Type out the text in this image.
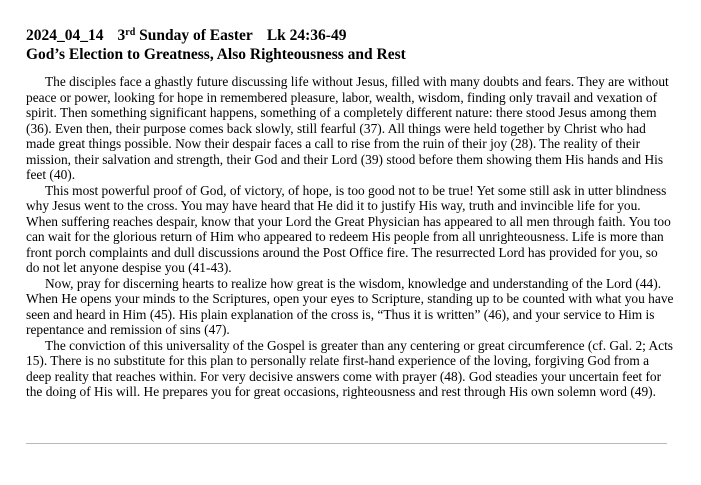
2024_04_14 3rd Sunday of Easter Lk 24:36-49
God’s Election to Greatness, Also Righteousness and Rest

The disciples face a ghastly future discussing life without Jesus, filled with many doubts and fears. They are without peace or power, looking for hope in remembered pleasure, labor, wealth, wisdom, finding only travail and vexation of spirit. Then something significant happens, something of a completely different nature: there stood Jesus among them (36). Even then, their purpose comes back slowly, still fearful (37). All things were held together by Christ who had made great things possible. Now their despair faces a call to rise from the ruin of their joy (28). The reality of their mission, their salvation and strength, their God and their Lord (39) stood before them showing them His hands and His feet (40).

This most powerful proof of God, of victory, of hope, is too good not to be true! Yet some still ask in utter blindness why Jesus went to the cross. You may have heard that He did it to justify His way, truth and invincible life for you. When suffering reaches despair, know that your Lord the Great Physician has appeared to all men through faith. You too can wait for the glorious return of Him who appeared to redeem His people from all unrighteousness. Life is more than front porch complaints and dull discussions around the Post Office fire. The resurrected Lord has provided for you, so do not let anyone despise you (41-43).

Now, pray for discerning hearts to realize how great is the wisdom, knowledge and understanding of the Lord (44). When He opens your minds to the Scriptures, open your eyes to Scripture, standing up to be counted with what you have seen and heard in Him (45). His plain explanation of the cross is, “Thus it is written” (46), and your service to Him is repentance and remission of sins (47).

The conviction of this universality of the Gospel is greater than any centering or great circumference (cf. Gal. 2; Acts 15). There is no substitute for this plan to personally relate first-hand experience of the loving, forgiving God from a deep reality that reaches within. For very decisive answers come with prayer (48). God steadies your uncertain feet for the doing of His will. He prepares you for great occasions, righteousness and rest through His own solemn word (49).
